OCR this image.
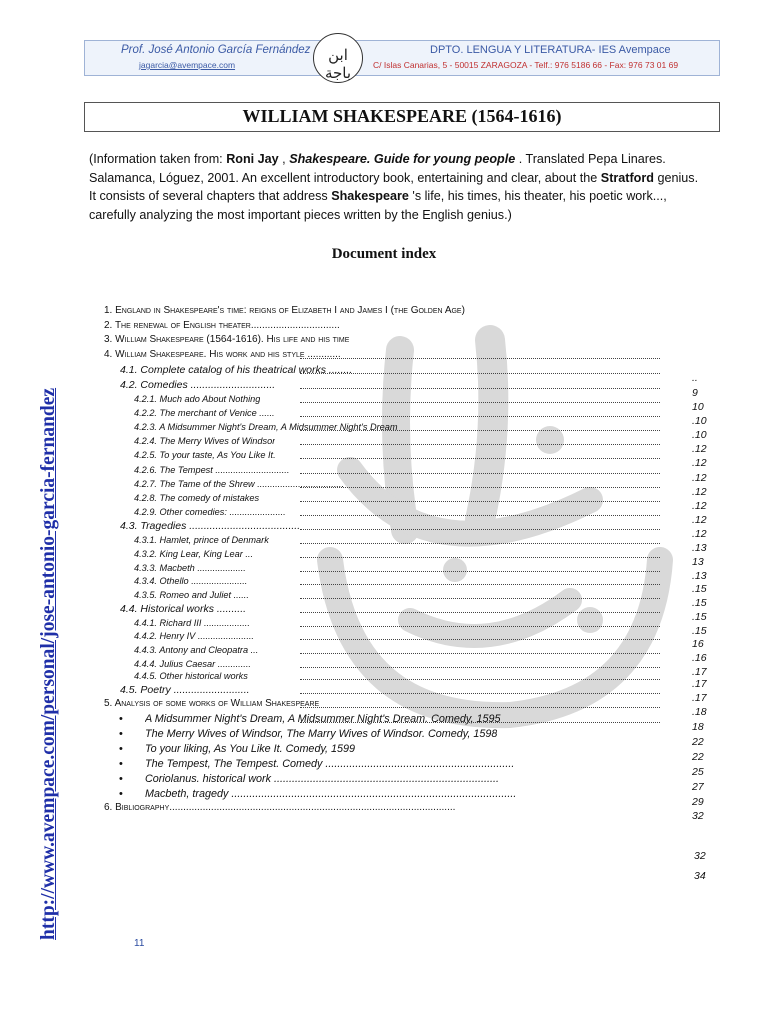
Prof. José Antonio García Fernández
jagarcia@avempace.com
ابن باجة
DPTO. LENGUA Y LITERATURA- IES Avempace
C/ Islas Canarias, 5 - 50015 ZARAGOZA - Telf.: 976 5186 66 - Fax: 976 73 01 69
WILLIAM SHAKESPEARE (1564-1616)
(Information taken from: Roni Jay , Shakespeare. Guide for young people . Translated Pepa Linares. Salamanca, Lóguez, 2001. An excellent introductory book, entertaining and clear, about the Stratford genius. It consists of several chapters that address Shakespeare 's life, his times, his theater, his poetic work..., carefully analyzing the most important pieces written by the English genius.)
Document index
1. England in Shakespeare's time: reigns of Elizabeth I and James I (the Golden Age)
2. The renewal of English theater................................
3. William Shakespeare (1564-1616). His life and his time
4. William Shakespeare. His work and his style ............
4.1. Complete catalog of his theatrical works ........
..
4.2. Comedies .............................
9
4.2.1. Much ado About Nothing
10
4.2.2. The merchant of Venice ......
.10
4.2.3. A Midsummer Night's Dream, A Midsummer Night's Dream
.10
4.2.4. The Merry Wives of Windsor
.12
4.2.5. To your taste, As You Like It.
.12
4.2.6. The Tempest .............................
.12
4.2.7. The Tame of the Shrew ..................................
.12
4.2.8. The comedy of mistakes
.12
4.2.9. Other comedies: ......................
.12
4.3. Tragedies ......................................
.12
4.3.1. Hamlet, prince of Denmark
.13
4.3.2. King Lear, King Lear ...
13
4.3.3. Macbeth ...................
.13
4.3.4. Othello ......................
.15
4.3.5. Romeo and Juliet ......
.15
4.4. Historical works ..........
.15
4.4.1. Richard III ..................
.15
4.4.2. Henry IV ......................
16
4.4.3. Antony and Cleopatra ...
.16
4.4.4. Julius Caesar .............
.17
4.4.5. Other historical works
.17
4.5. Poetry ..........................
.17
5. Analysis of some works of William Shakespeare
.18
• A Midsummer Night's Dream, A Midsummer Night's Dream. Comedy, 1595
18
• The Merry Wives of Windsor, The Marry Wives of Windsor. Comedy, 1598
22
• To your liking, As You Like It. Comedy, 1599
22
• The Tempest, The Tempest. Comedy ...............................................................
25
• Coriolanus. historical work ...........................................................................
27
• Macbeth, tragedy ...............................................................................................
29
6. Bibliography.......................................................................................................
32
32
34
http://www.avempace.com/personal/jose-antonio-garcia-fernandez
11
